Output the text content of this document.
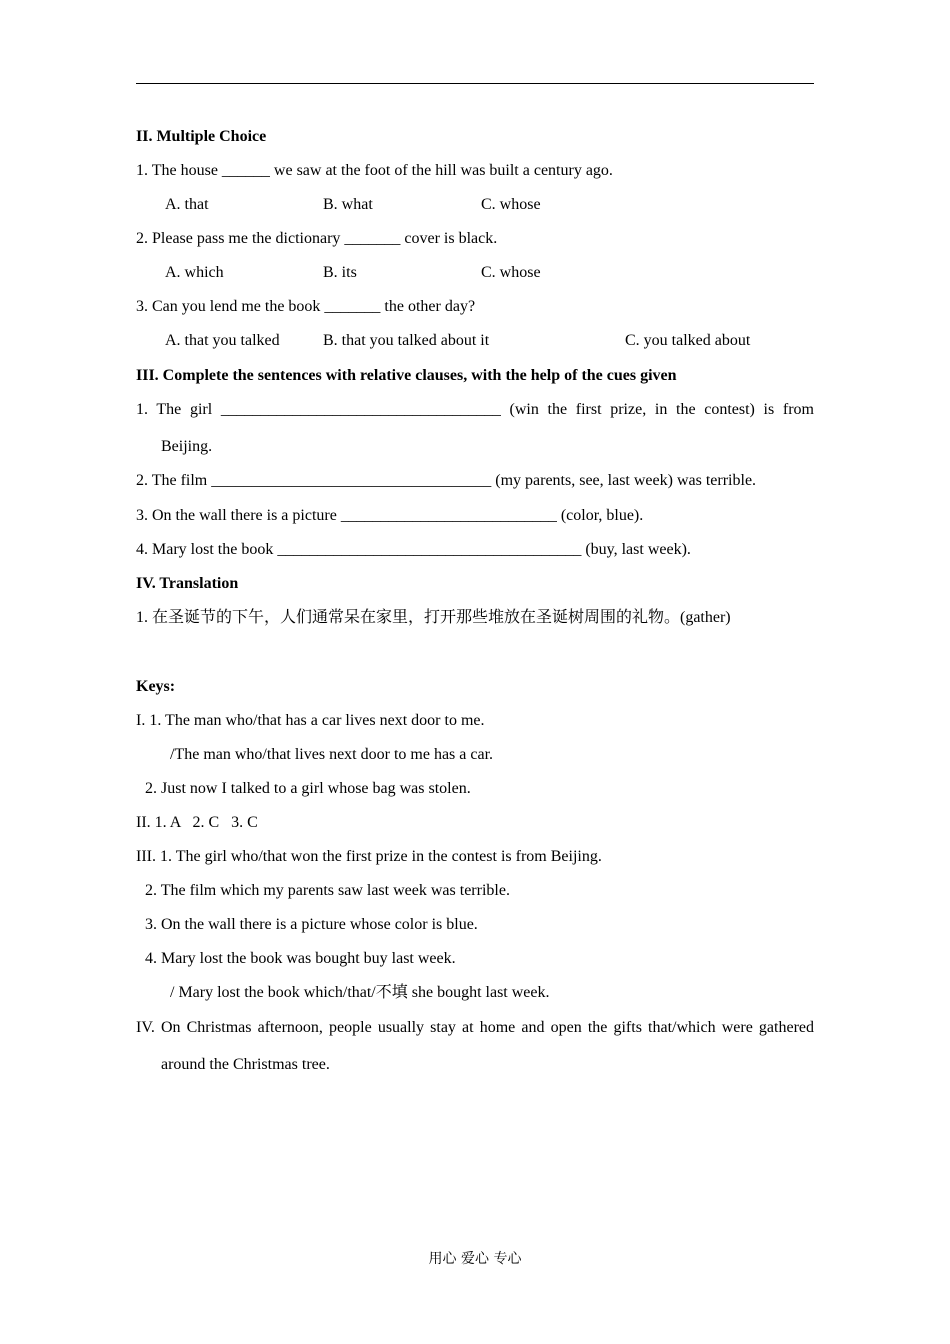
II. Multiple Choice
1. The house ______ we saw at the foot of the hill was built a century ago.
A. that	B. what	C. whose
2. Please pass me the dictionary _______ cover is black.
A. which	B. its	C. whose
3. Can you lend me the book _______ the other day?
A. that you talked	B. that you talked about it	C. you talked about
III. Complete the sentences with relative clauses, with the help of the cues given
1. The girl ___________________________________ (win the first prize, in the contest) is from
Beijing.
2. The film ___________________________________ (my parents, see, last week) was terrible.
3. On the wall there is a picture ___________________________ (color, blue).
4. Mary lost the book ______________________________________ (buy, last week).
IV. Translation
1. 在圣诞节的下午，人们通常呆在家里，打开那些堆放在圣诞树周围的礼物。(gather)
Keys:
I. 1. The man who/that has a car lives next door to me.
/The man who/that lives next door to me has a car.
2. Just now I talked to a girl whose bag was stolen.
II. 1. A   2. C   3. C
III. 1. The girl who/that won the first prize in the contest is from Beijing.
2. The film which my parents saw last week was terrible.
3. On the wall there is a picture whose color is blue.
4. Mary lost the book was bought buy last week.
/ Mary lost the book which/that/不填 she bought last week.
IV. On Christmas afternoon, people usually stay at home and open the gifts that/which were gathered
around the Christmas tree.
用心 爱心 专心
